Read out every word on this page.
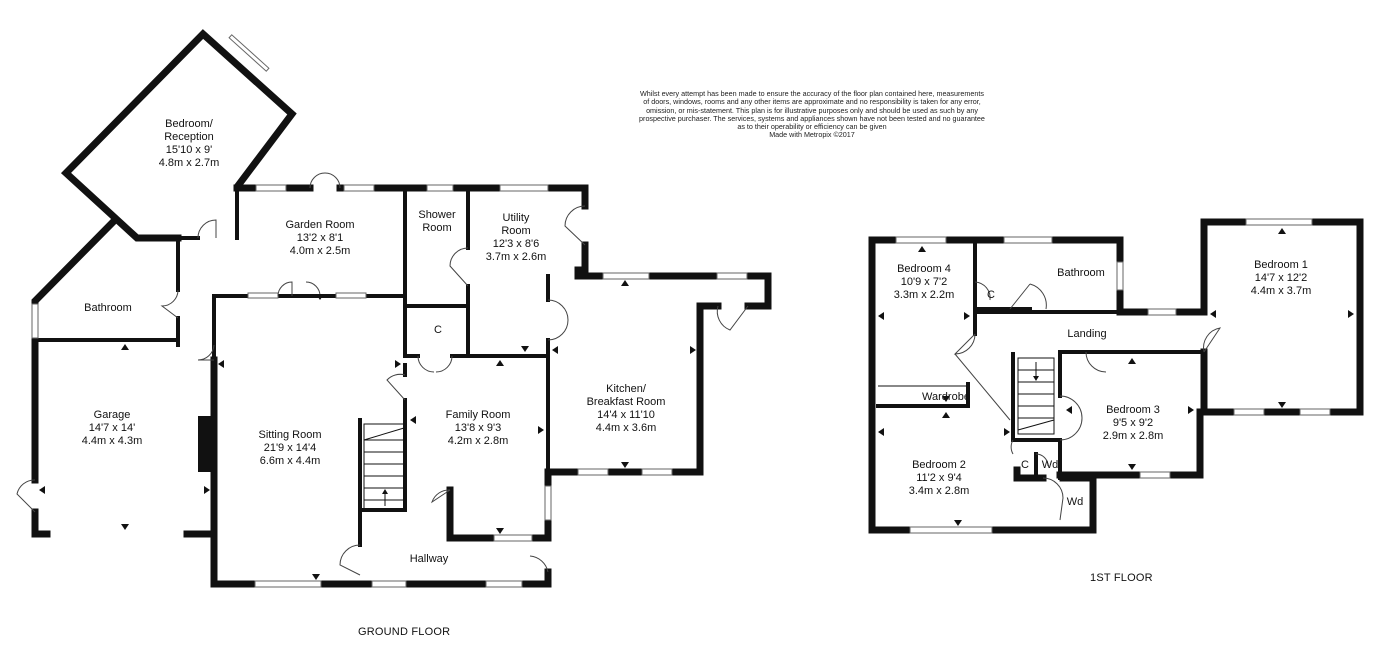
Whilst every attempt has been made to ensure the accuracy of the floor plan contained here, measurements
of doors, windows, rooms and any other items are approximate and no responsibility is taken for any error,
omission, or mis-statement. This plan is for illustrative purposes only and should be used as such by any
prospective purchaser. The services, systems and appliances shown have not been tested and no guarantee
as to their operability or efficiency can be given
Made with Metropix ©2017
Bedroom/
Reception
15'10 x 9'
4.8m x 2.7m
Garden Room
13'2 x 8'1
4.0m x 2.5m
Shower
Room
Utility
Room
12'3 x 8'6
3.7m x 2.6m
Bathroom
C
Garage
14'7 x 14'
4.4m x 4.3m	Sitting Room
21'9 x 14'4
6.6m x 4.4m
Family Room
13'8 x 9'3
4.2m x 2.8m
Kitchen/
Breakfast Room
14'4 x 11'10
4.4m x 3.6m
Hallway
GROUND FLOOR
Bedroom 4
10'9 x 7'2
3.3m x 2.2m
Bathroom
Bedroom 1
14'7 x 12'2
4.4m x 3.7m
C
Landing
Wardrobe
Bedroom 3
9'5 x 9'2
2.9m x 2.8m
Bedroom 2
11'2 x 9'4
3.4m x 2.8m
C Wd
Wd
1ST FLOOR
